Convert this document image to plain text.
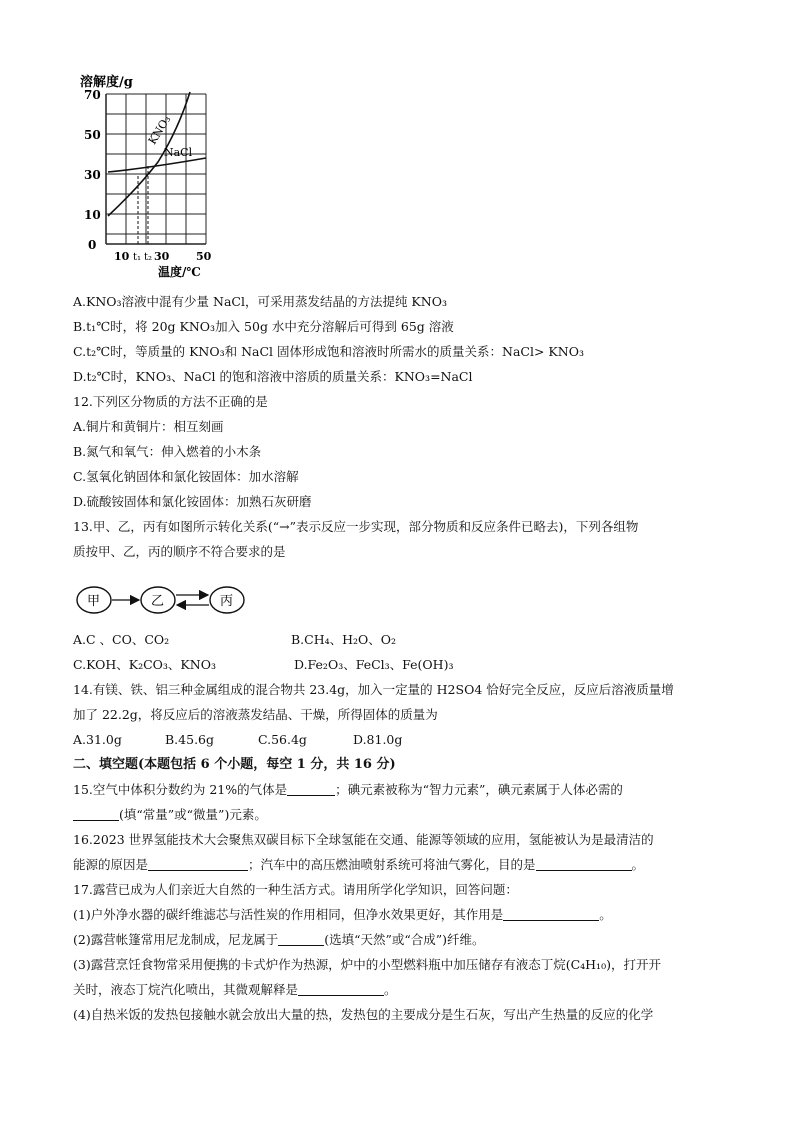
溶解度/g
KNO₃
NaCl
70
50
30
10
0
10 t₁ t₂ 30 50
温度/℃
A.KNO₃溶液中混有少量 NaCl，可采用蒸发结晶的方法提纯 KNO₃
B.t₁℃时，将 20g KNO₃加入 50g 水中充分溶解后可得到 65g 溶液
C.t₂℃时，等质量的 KNO₃和 NaCl 固体形成饱和溶液时所需水的质量关系：NaCl> KNO₃
D.t₂℃时，KNO₃、NaCl 的饱和溶液中溶质的质量关系：KNO₃=NaCl
12.下列区分物质的方法不正确的是
A.铜片和黄铜片：相互刻画
B.氮气和氧气：伸入燃着的小木条
C.氢氧化钠固体和氯化铵固体：加水溶解
D.硫酸铵固体和氯化铵固体：加熟石灰研磨
13.甲、乙，丙有如图所示转化关系(“→”表示反应一步实现，部分物质和反应条件已略去)，下列各组物
质按甲、乙，丙的顺序不符合要求的是
甲	乙	丙
A.C 、CO、CO₂	B.CH₄、H₂O、O₂
C.KOH、K₂CO₃、KNO₃	D.Fe₂O₃、FeCl₃、Fe(OH)₃
14.有镁、铁、铝三种金属组成的混合物共 23.4g，加入一定量的 H2SO4 恰好完全反应，反应后溶液质量增
加了 22.2g，将反应后的溶液蒸发结晶、干燥，所得固体的质量为
A.31.0g	B.45.6g	C.56.4g	D.81.0g
二、填空题(本题包括 6 个小题，每空 1 分，共 16 分)
15.空气中体积分数约为 21%的气体是	；碘元素被称为“智力元素”，碘元素属于人体必需的
(填“常量”或“微量”)元素。
16.2023 世界氢能技术大会聚焦双碳目标下全球氢能在交通、能源等领域的应用，氢能被认为是最清洁的
能源的原因是	；汽车中的高压燃油喷射系统可将油气雾化，目的是	。
17.露营已成为人们亲近大自然的一种生活方式。请用所学化学知识，回答问题：
(1)户外净水器的碳纤维滤芯与活性炭的作用相同，但净水效果更好，其作用是	。
(2)露营帐篷常用尼龙制成，尼龙属于	(选填“天然”或“合成”)纤维。
(3)露营烹饪食物常采用便携的卡式炉作为热源，炉中的小型燃料瓶中加压储存有液态丁烷(C₄H₁₀)，打开开
关时，液态丁烷汽化喷出，其微观解释是	。
(4)自热米饭的发热包接触水就会放出大量的热，发热包的主要成分是生石灰，写出产生热量的反应的化学
